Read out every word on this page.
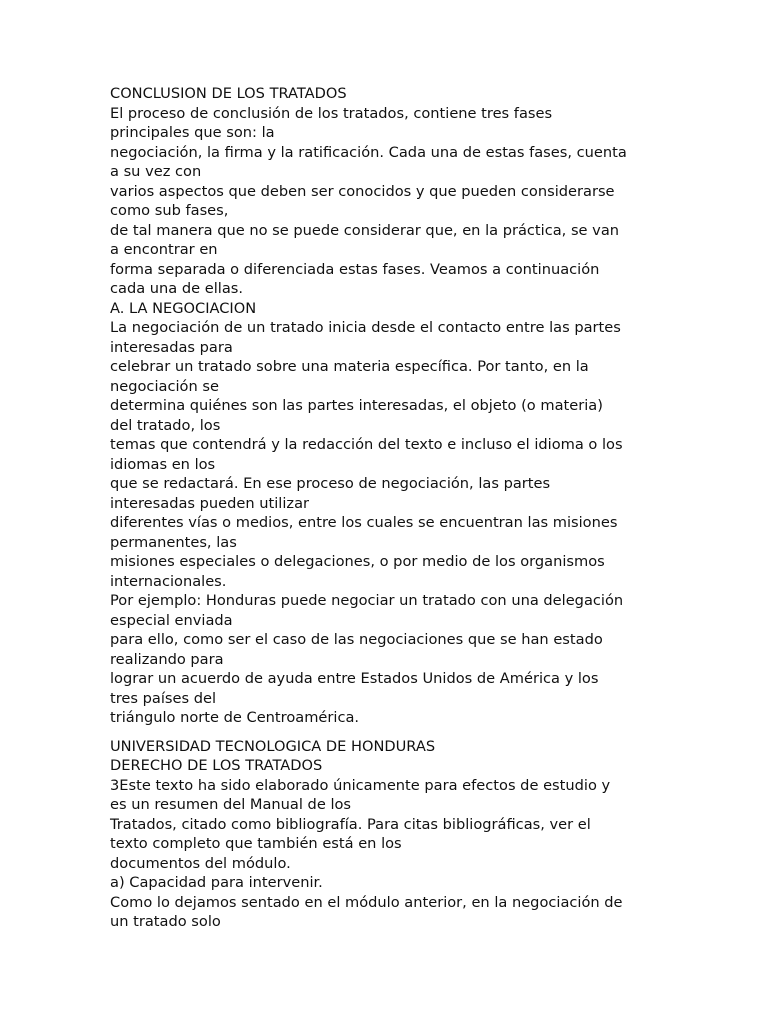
CONCLUSION DE LOS TRATADOS
El proceso de conclusión de los tratados, contiene tres fases
principales que son: la
negociación, la firma y la ratificación. Cada una de estas fases, cuenta
a su vez con
varios aspectos que deben ser conocidos y que pueden considerarse
como sub fases,
de tal manera que no se puede considerar que, en la práctica, se van
a encontrar en
forma separada o diferenciada estas fases. Veamos a continuación
cada una de ellas.
A. LA NEGOCIACION
La negociación de un tratado inicia desde el contacto entre las partes
interesadas para
celebrar un tratado sobre una materia específica. Por tanto, en la
negociación se
determina quiénes son las partes interesadas, el objeto (o materia)
del tratado, los
temas que contendrá y la redacción del texto e incluso el idioma o los
idiomas en los
que se redactará. En ese proceso de negociación, las partes
interesadas pueden utilizar
diferentes vías o medios, entre los cuales se encuentran las misiones
permanentes, las
misiones especiales o delegaciones, o por medio de los organismos
internacionales.
Por ejemplo: Honduras puede negociar un tratado con una delegación
especial enviada
para ello, como ser el caso de las negociaciones que se han estado
realizando para
lograr un acuerdo de ayuda entre Estados Unidos de América y los
tres países del
triángulo norte de Centroamérica.
UNIVERSIDAD TECNOLOGICA DE HONDURAS
DERECHO DE LOS TRATADOS
3Este texto ha sido elaborado únicamente para efectos de estudio y
es un resumen del Manual de los
Tratados, citado como bibliografía. Para citas bibliográficas, ver el
texto completo que también está en los
documentos del módulo.
a) Capacidad para intervenir.
Como lo dejamos sentado en el módulo anterior, en la negociación de
un tratado solo
